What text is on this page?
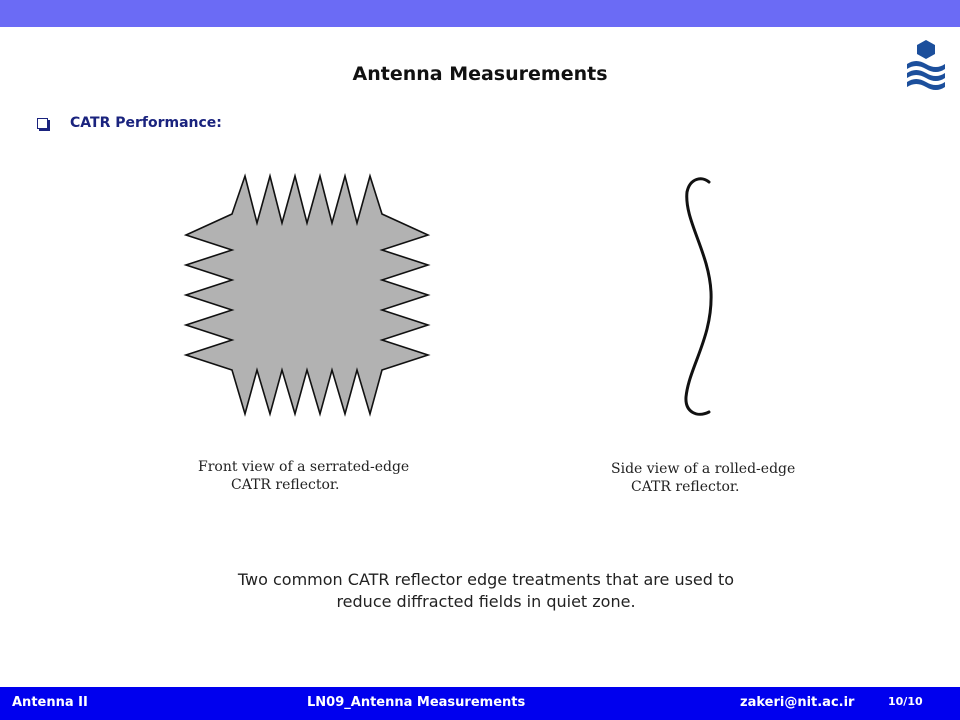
Antenna Measurements
CATR Performance:
Front view of a serrated-edge
CATR reflector.
Side view of a rolled-edge
CATR reflector.
Two common CATR reflector edge treatments that are used to
reduce diffracted fields in quiet zone.
Antenna II	LN09_Antenna Measurements	zakeri@nit.ac.ir	10/10
